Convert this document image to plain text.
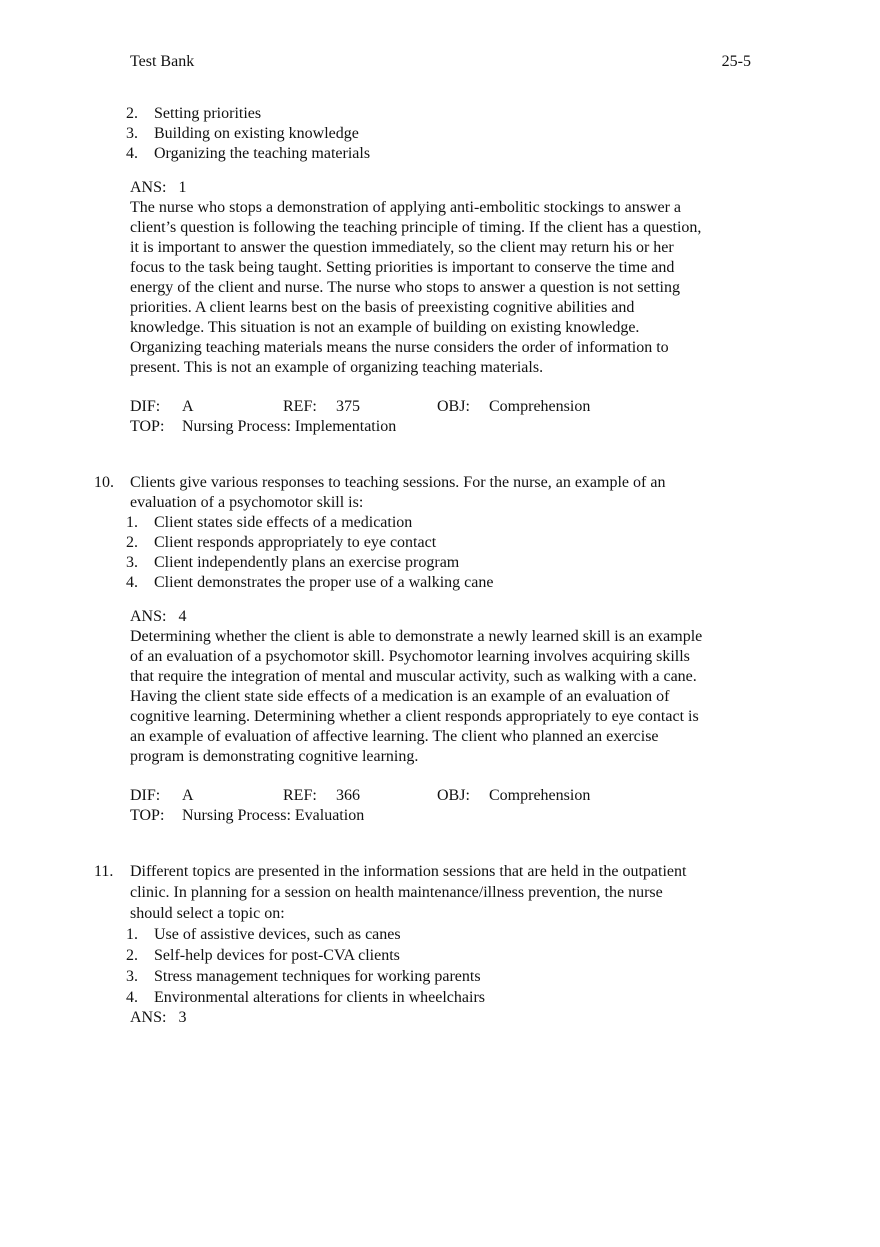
Test Bank	25-5
2. Setting priorities
3. Building on existing knowledge
4. Organizing the teaching materials
ANS: 1
The nurse who stops a demonstration of applying anti-embolitic stockings to answer a
client’s question is following the teaching principle of timing. If the client has a question,
it is important to answer the question immediately, so the client may return his or her
focus to the task being taught. Setting priorities is important to conserve the time and
energy of the client and nurse. The nurse who stops to answer a question is not setting
priorities. A client learns best on the basis of preexisting cognitive abilities and
knowledge. This situation is not an example of building on existing knowledge.
Organizing teaching materials means the nurse considers the order of information to
present. This is not an example of organizing teaching materials.
DIF: A	REF: 375	OBJ: Comprehension
TOP: Nursing Process: Implementation
10. Clients give various responses to teaching sessions. For the nurse, an example of an
evaluation of a psychomotor skill is:
1. Client states side effects of a medication
2. Client responds appropriately to eye contact
3. Client independently plans an exercise program
4. Client demonstrates the proper use of a walking cane
ANS: 4
Determining whether the client is able to demonstrate a newly learned skill is an example
of an evaluation of a psychomotor skill. Psychomotor learning involves acquiring skills
that require the integration of mental and muscular activity, such as walking with a cane.
Having the client state side effects of a medication is an example of an evaluation of
cognitive learning. Determining whether a client responds appropriately to eye contact is
an example of evaluation of affective learning. The client who planned an exercise
program is demonstrating cognitive learning.
DIF: A	REF: 366	OBJ: Comprehension
TOP: Nursing Process: Evaluation
11. Different topics are presented in the information sessions that are held in the outpatient
clinic. In planning for a session on health maintenance/illness prevention, the nurse
should select a topic on:
1. Use of assistive devices, such as canes
2. Self-help devices for post-CVA clients
3. Stress management techniques for working parents
4. Environmental alterations for clients in wheelchairs
ANS: 3
